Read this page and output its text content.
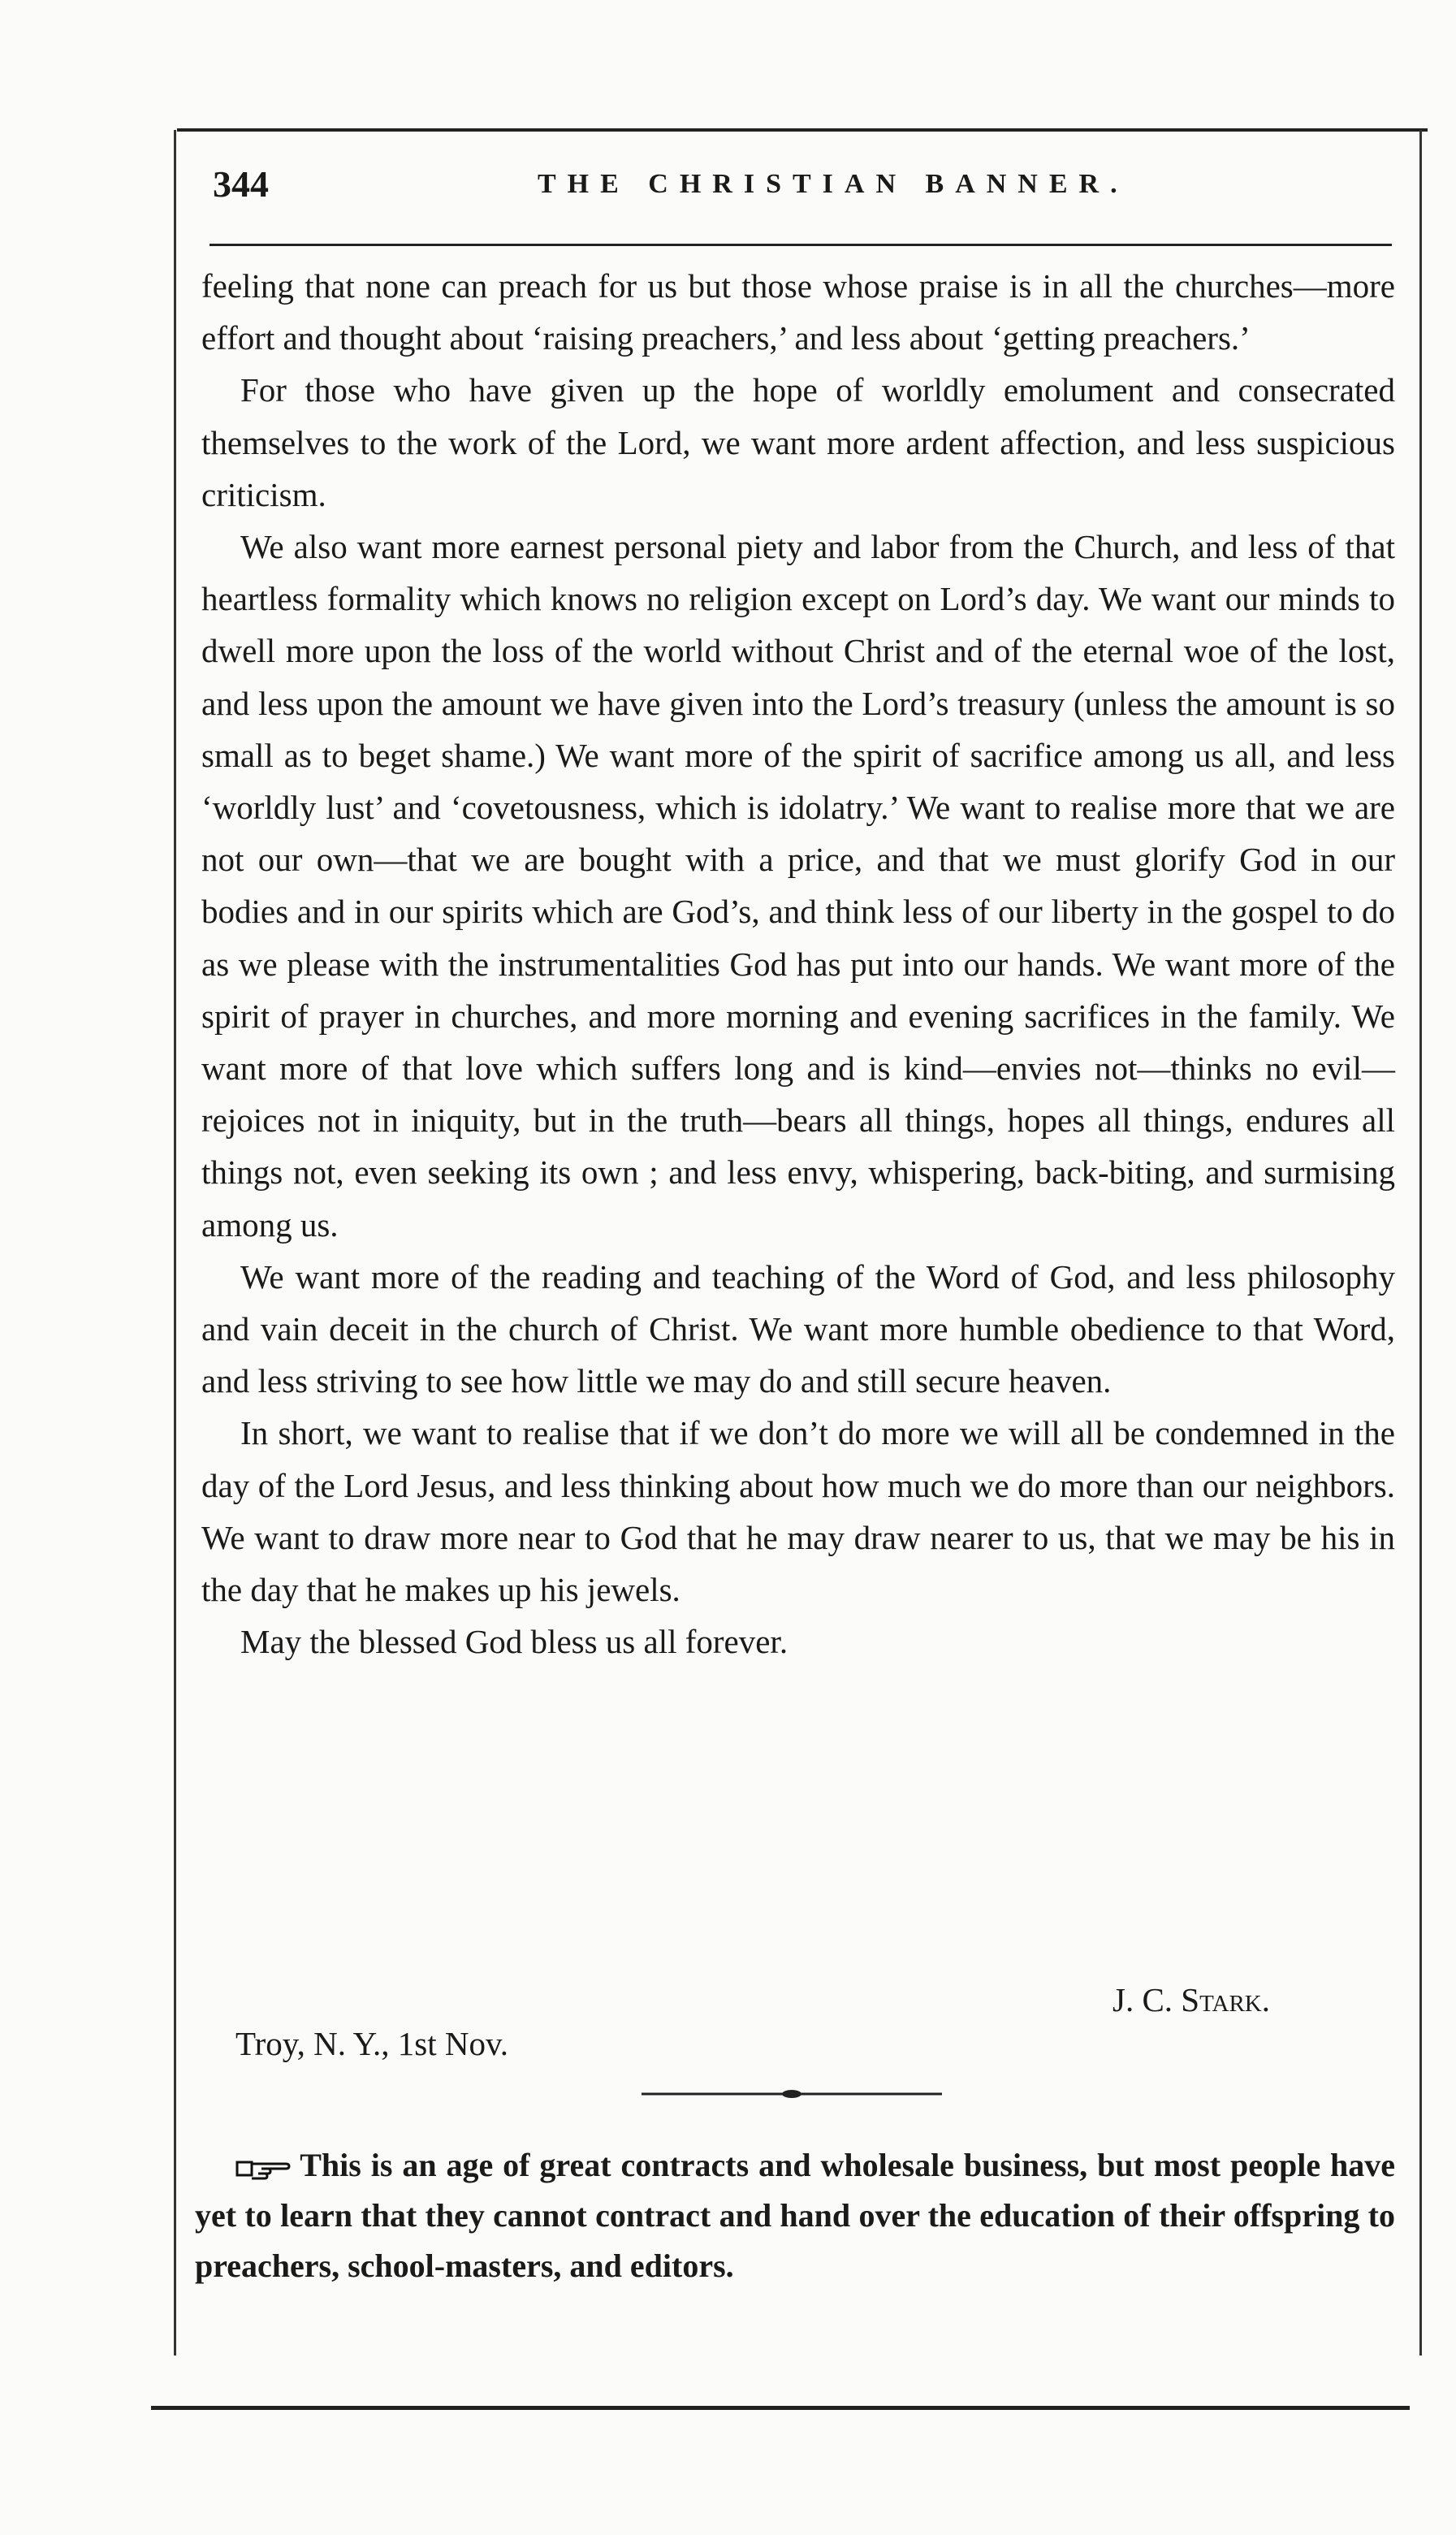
344	THE CHRISTIAN BANNER.

feeling that none can preach for us but those whose praise is in all the churches—more effort and thought about ‘raising preachers,’ and less about ‘getting preachers.’

For those who have given up the hope of worldly emolument and consecrated themselves to the work of the Lord, we want more ardent affection, and less suspicious criticism.

We also want more earnest personal piety and labor from the Church, and less of that heartless formality which knows no religion except on Lord’s day. We want our minds to dwell more upon the loss of the world without Christ and of the eternal woe of the lost, and less upon the amount we have given into the Lord’s treasury (unless the amount is so small as to beget shame.) We want more of the spirit of sacrifice among us all, and less ‘worldly lust’ and ‘covetousness, which is idolatry.’ We want to realise more that we are not our own—that we are bought with a price, and that we must glorify God in our bodies and in our spirits which are God’s, and think less of our liberty in the gospel to do as we please with the instrumentalities God has put into our hands. We want more of the spirit of prayer in churches, and more morning and evening sacrifices in the family. We want more of that love which suffers long and is kind—envies not—thinks no evil—rejoices not in iniquity, but in the truth—bears all things, hopes all things, endures all things not, even seeking its own ; and less envy, whispering, back-biting, and surmising among us.

We want more of the reading and teaching of the Word of God, and less philosophy and vain deceit in the church of Christ. We want more humble obedience to that Word, and less striving to see how little we may do and still secure heaven.

In short, we want to realise that if we don’t do more we will all be condemned in the day of the Lord Jesus, and less thinking about how much we do more than our neighbors. We want to draw more near to God that he may draw nearer to us, that we may be his in the day that he makes up his jewels.

May the blessed God bless us all forever.

J. C. Stark.
Troy, N. Y., 1st Nov.
This is an age of great contracts and wholesale business, but most people have yet to learn that they cannot contract and hand over the education of their offspring to preachers, school-masters, and editors.
